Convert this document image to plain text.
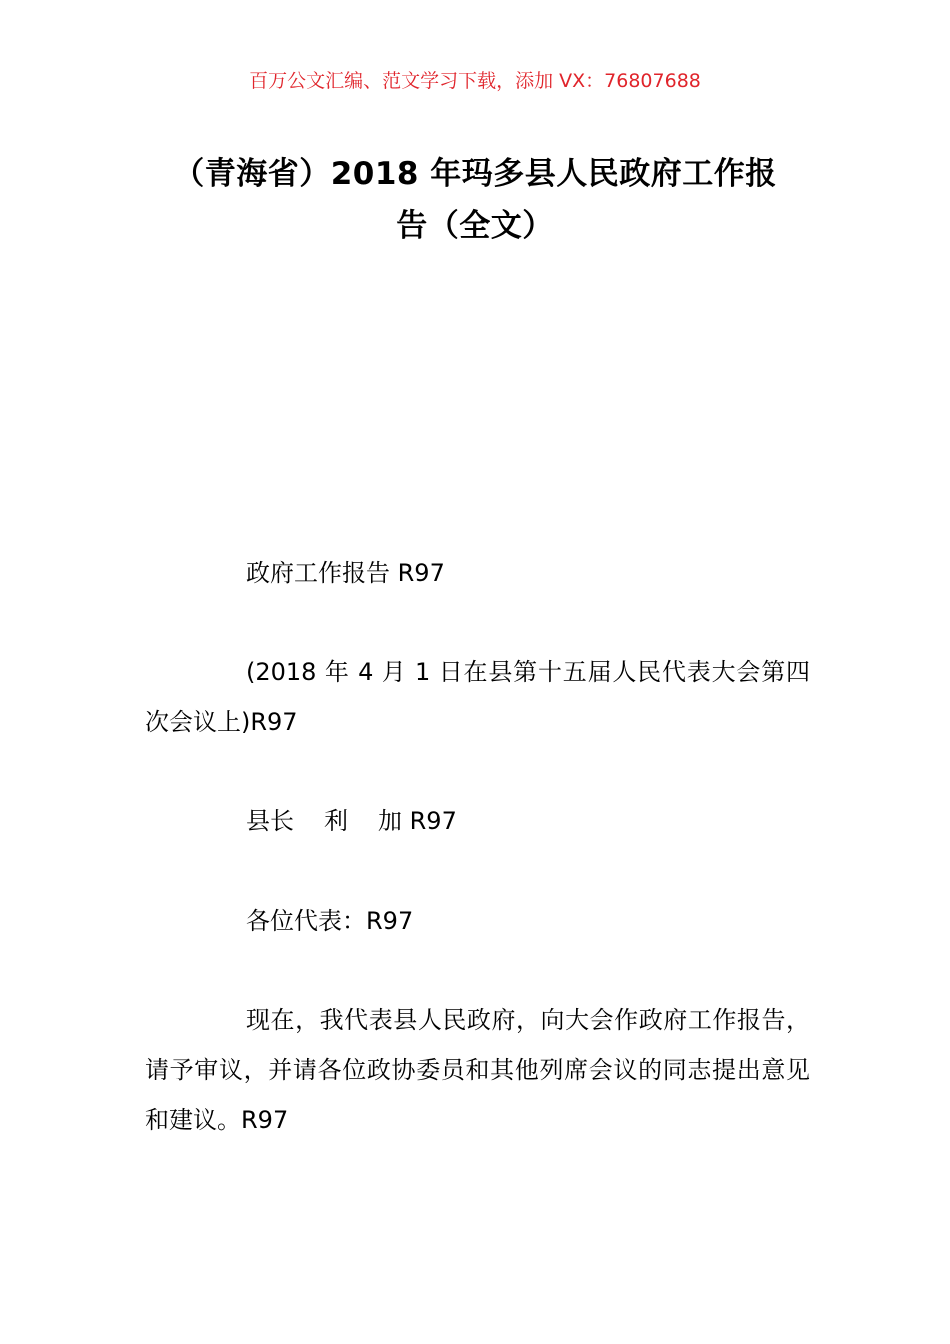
百万公文汇编、范文学习下载，添加 VX：76807688
（青海省）2018 年玛多县人民政府工作报
告（全文）
政府工作报告 R97
(2018 年 4 月 1 日在县第十五届人民代表大会第四次会议上)R97
县长 利 加 R97
各位代表：R97
现在，我代表县人民政府，向大会作政府工作报告，请予审议，并请各位政协委员和其他列席会议的同志提出意见和建议。R97
